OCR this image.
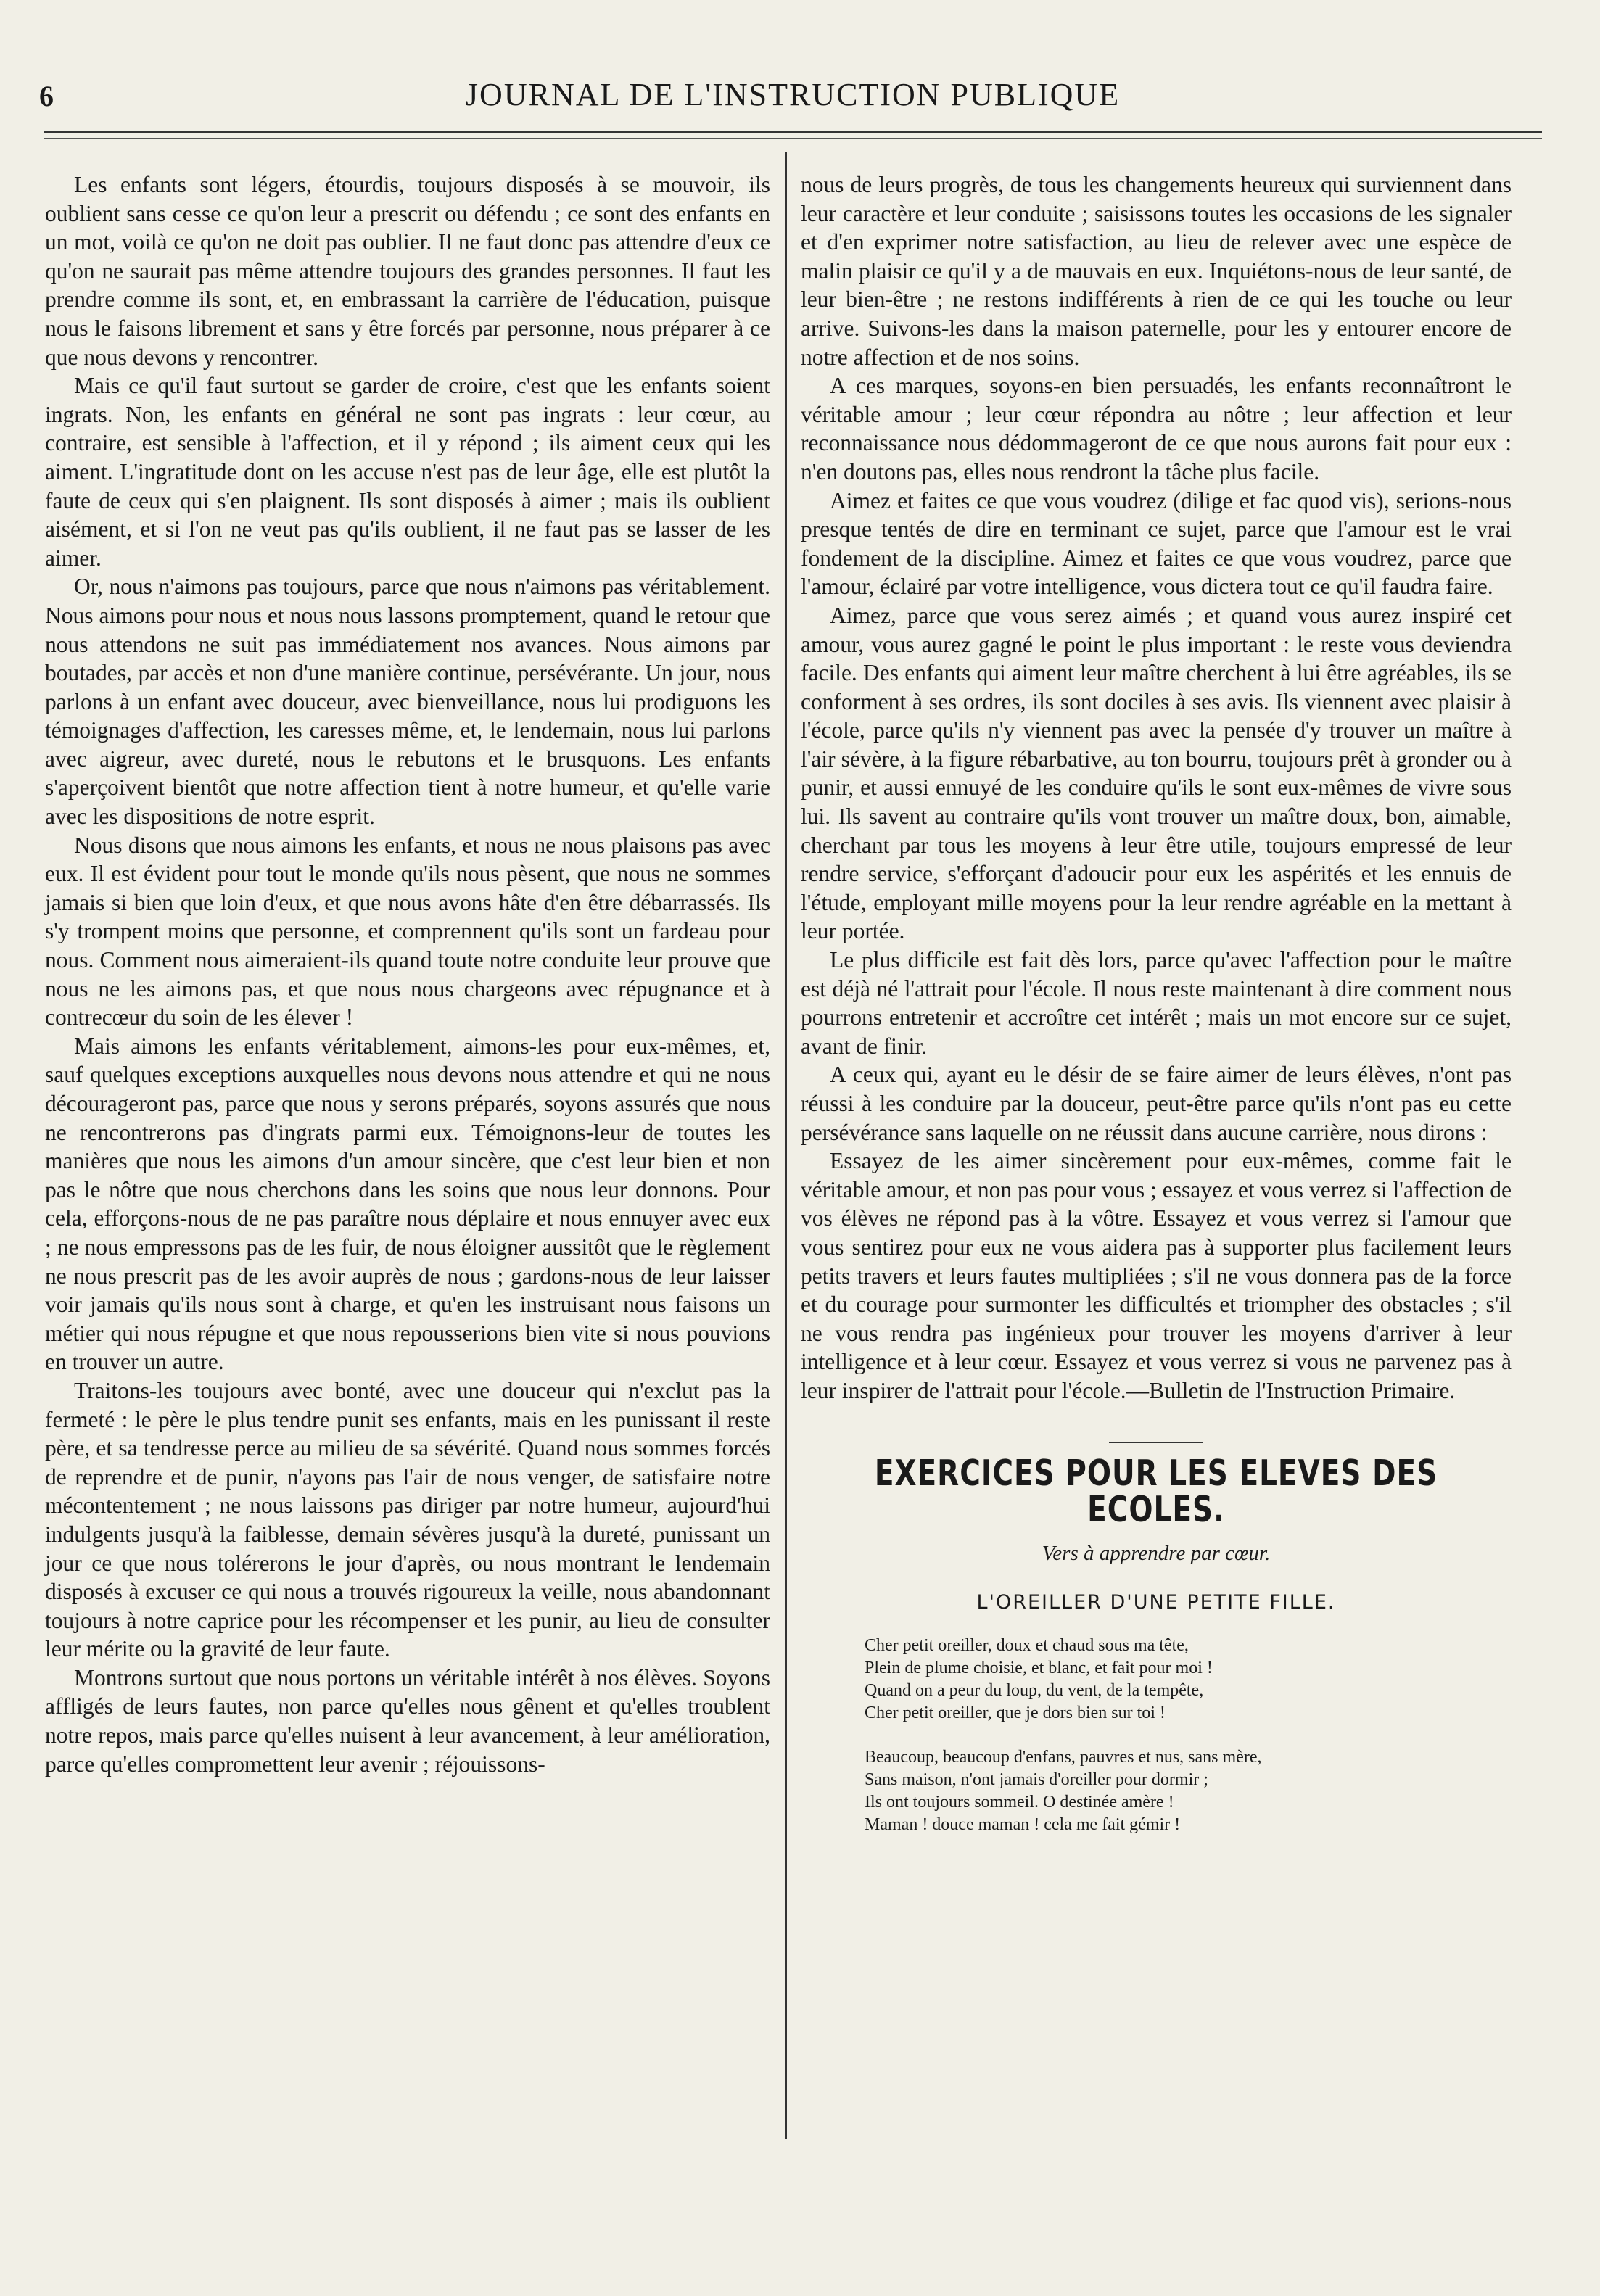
6	JOURNAL DE L'INSTRUCTION PUBLIQUE

Les enfants sont légers, étourdis, toujours disposés à se mouvoir, ils oublient sans cesse ce qu'on leur a prescrit ou défendu ; ce sont des enfants en un mot, voilà ce qu'on ne doit pas oublier. Il ne faut donc pas attendre d'eux ce qu'on ne saurait pas même attendre toujours des grandes personnes. Il faut les prendre comme ils sont, et, en embrassant la carrière de l'éducation, puisque nous le faisons librement et sans y être forcés par personne, nous préparer à ce que nous devons y rencontrer.

Mais ce qu'il faut surtout se garder de croire, c'est que les enfants soient ingrats. Non, les enfants en général ne sont pas ingrats : leur cœur, au contraire, est sensible à l'affection, et il y répond ; ils aiment ceux qui les aiment. L'ingratitude dont on les accuse n'est pas de leur âge, elle est plutôt la faute de ceux qui s'en plaignent. Ils sont disposés à aimer ; mais ils oublient aisément, et si l'on ne veut pas qu'ils oublient, il ne faut pas se lasser de les aimer.

Or, nous n'aimons pas toujours, parce que nous n'aimons pas véritablement. Nous aimons pour nous et nous nous lassons promptement, quand le retour que nous attendons ne suit pas immédiatement nos avances. Nous aimons par boutades, par accès et non d'une manière continue, persévérante. Un jour, nous parlons à un enfant avec douceur, avec bienveillance, nous lui prodiguons les témoignages d'affection, les caresses même, et, le lendemain, nous lui parlons avec aigreur, avec dureté, nous le rebutons et le brusquons. Les enfants s'aperçoivent bientôt que notre affection tient à notre humeur, et qu'elle varie avec les dispositions de notre esprit.

Nous disons que nous aimons les enfants, et nous ne nous plaisons pas avec eux. Il est évident pour tout le monde qu'ils nous pèsent, que nous ne sommes jamais si bien que loin d'eux, et que nous avons hâte d'en être débarrassés. Ils s'y trompent moins que personne, et comprennent qu'ils sont un fardeau pour nous. Comment nous aimeraient-ils quand toute notre conduite leur prouve que nous ne les aimons pas, et que nous nous chargeons avec répugnance et à contrecœur du soin de les élever !

Mais aimons les enfants véritablement, aimons-les pour eux-mêmes, et, sauf quelques exceptions auxquelles nous devons nous attendre et qui ne nous décourageront pas, parce que nous y serons préparés, soyons assurés que nous ne rencontrerons pas d'ingrats parmi eux. Témoignons-leur de toutes les manières que nous les aimons d'un amour sincère, que c'est leur bien et non pas le nôtre que nous cherchons dans les soins que nous leur donnons. Pour cela, efforçons-nous de ne pas paraître nous déplaire et nous ennuyer avec eux ; ne nous empressons pas de les fuir, de nous éloigner aussitôt que le règlement ne nous prescrit pas de les avoir auprès de nous ; gardons-nous de leur laisser voir jamais qu'ils nous sont à charge, et qu'en les instruisant nous faisons un métier qui nous répugne et que nous repousserions bien vite si nous pouvions en trouver un autre.

Traitons-les toujours avec bonté, avec une douceur qui n'exclut pas la fermeté : le père le plus tendre punit ses enfants, mais en les punissant il reste père, et sa tendresse perce au milieu de sa sévérité. Quand nous sommes forcés de reprendre et de punir, n'ayons pas l'air de nous venger, de satisfaire notre mécontentement ; ne nous laissons pas diriger par notre humeur, aujourd'hui indulgents jusqu'à la faiblesse, demain sévères jusqu'à la dureté, punissant un jour ce que nous tolérerons le jour d'après, ou nous montrant le lendemain disposés à excuser ce qui nous a trouvés rigoureux la veille, nous abandonnant toujours à notre caprice pour les récompenser et les punir, au lieu de consulter leur mérite ou la gravité de leur faute.

Montrons surtout que nous portons un véritable intérêt à nos élèves. Soyons affligés de leurs fautes, non parce qu'elles nous gênent et qu'elles troublent notre repos, mais parce qu'elles nuisent à leur avancement, à leur amélioration, parce qu'elles compromettent leur avenir ; réjouissons-

nous de leurs progrès, de tous les changements heureux qui surviennent dans leur caractère et leur conduite ; saisissons toutes les occasions de les signaler et d'en exprimer notre satisfaction, au lieu de relever avec une espèce de malin plaisir ce qu'il y a de mauvais en eux. Inquiétons-nous de leur santé, de leur bien-être ; ne restons indifférents à rien de ce qui les touche ou leur arrive. Suivons-les dans la maison paternelle, pour les y entourer encore de notre affection et de nos soins.

A ces marques, soyons-en bien persuadés, les enfants reconnaîtront le véritable amour ; leur cœur répondra au nôtre ; leur affection et leur reconnaissance nous dédommageront de ce que nous aurons fait pour eux : n'en doutons pas, elles nous rendront la tâche plus facile.

Aimez et faites ce que vous voudrez (dilige et fac quod vis), serions-nous presque tentés de dire en terminant ce sujet, parce que l'amour est le vrai fondement de la discipline. Aimez et faites ce que vous voudrez, parce que l'amour, éclairé par votre intelligence, vous dictera tout ce qu'il faudra faire.

Aimez, parce que vous serez aimés ; et quand vous aurez inspiré cet amour, vous aurez gagné le point le plus important : le reste vous deviendra facile. Des enfants qui aiment leur maître cherchent à lui être agréables, ils se conforment à ses ordres, ils sont dociles à ses avis. Ils viennent avec plaisir à l'école, parce qu'ils n'y viennent pas avec la pensée d'y trouver un maître à l'air sévère, à la figure rébarbative, au ton bourru, toujours prêt à gronder ou à punir, et aussi ennuyé de les conduire qu'ils le sont eux-mêmes de vivre sous lui. Ils savent au contraire qu'ils vont trouver un maître doux, bon, aimable, cherchant par tous les moyens à leur être utile, toujours empressé de leur rendre service, s'efforçant d'adoucir pour eux les aspérités et les ennuis de l'étude, employant mille moyens pour la leur rendre agréable en la mettant à leur portée.

Le plus difficile est fait dès lors, parce qu'avec l'affection pour le maître est déjà né l'attrait pour l'école. Il nous reste maintenant à dire comment nous pourrons entretenir et accroître cet intérêt ; mais un mot encore sur ce sujet, avant de finir.

A ceux qui, ayant eu le désir de se faire aimer de leurs élèves, n'ont pas réussi à les conduire par la douceur, peut-être parce qu'ils n'ont pas eu cette persévérance sans laquelle on ne réussit dans aucune carrière, nous dirons :

Essayez de les aimer sincèrement pour eux-mêmes, comme fait le véritable amour, et non pas pour vous ; essayez et vous verrez si l'affection de vos élèves ne répond pas à la vôtre. Essayez et vous verrez si l'amour que vous sentirez pour eux ne vous aidera pas à supporter plus facilement leurs petits travers et leurs fautes multipliées ; s'il ne vous donnera pas de la force et du courage pour surmonter les difficultés et triompher des obstacles ; s'il ne vous rendra pas ingénieux pour trouver les moyens d'arriver à leur intelligence et à leur cœur. Essayez et vous verrez si vous ne parvenez pas à leur inspirer de l'attrait pour l'école.—Bulletin de l'Instruction Primaire.

EXERCICES POUR LES ELEVES DES ECOLES.
Vers à apprendre par cœur.
L'OREILLER D'UNE PETITE FILLE.
Cher petit oreiller, doux et chaud sous ma tête,
Plein de plume choisie, et blanc, et fait pour moi !
Quand on a peur du loup, du vent, de la tempête,
Cher petit oreiller, que je dors bien sur toi !
Beaucoup, beaucoup d'enfans, pauvres et nus, sans mère,
Sans maison, n'ont jamais d'oreiller pour dormir ;
Ils ont toujours sommeil. O destinée amère !
Maman ! douce maman ! cela me fait gémir !
